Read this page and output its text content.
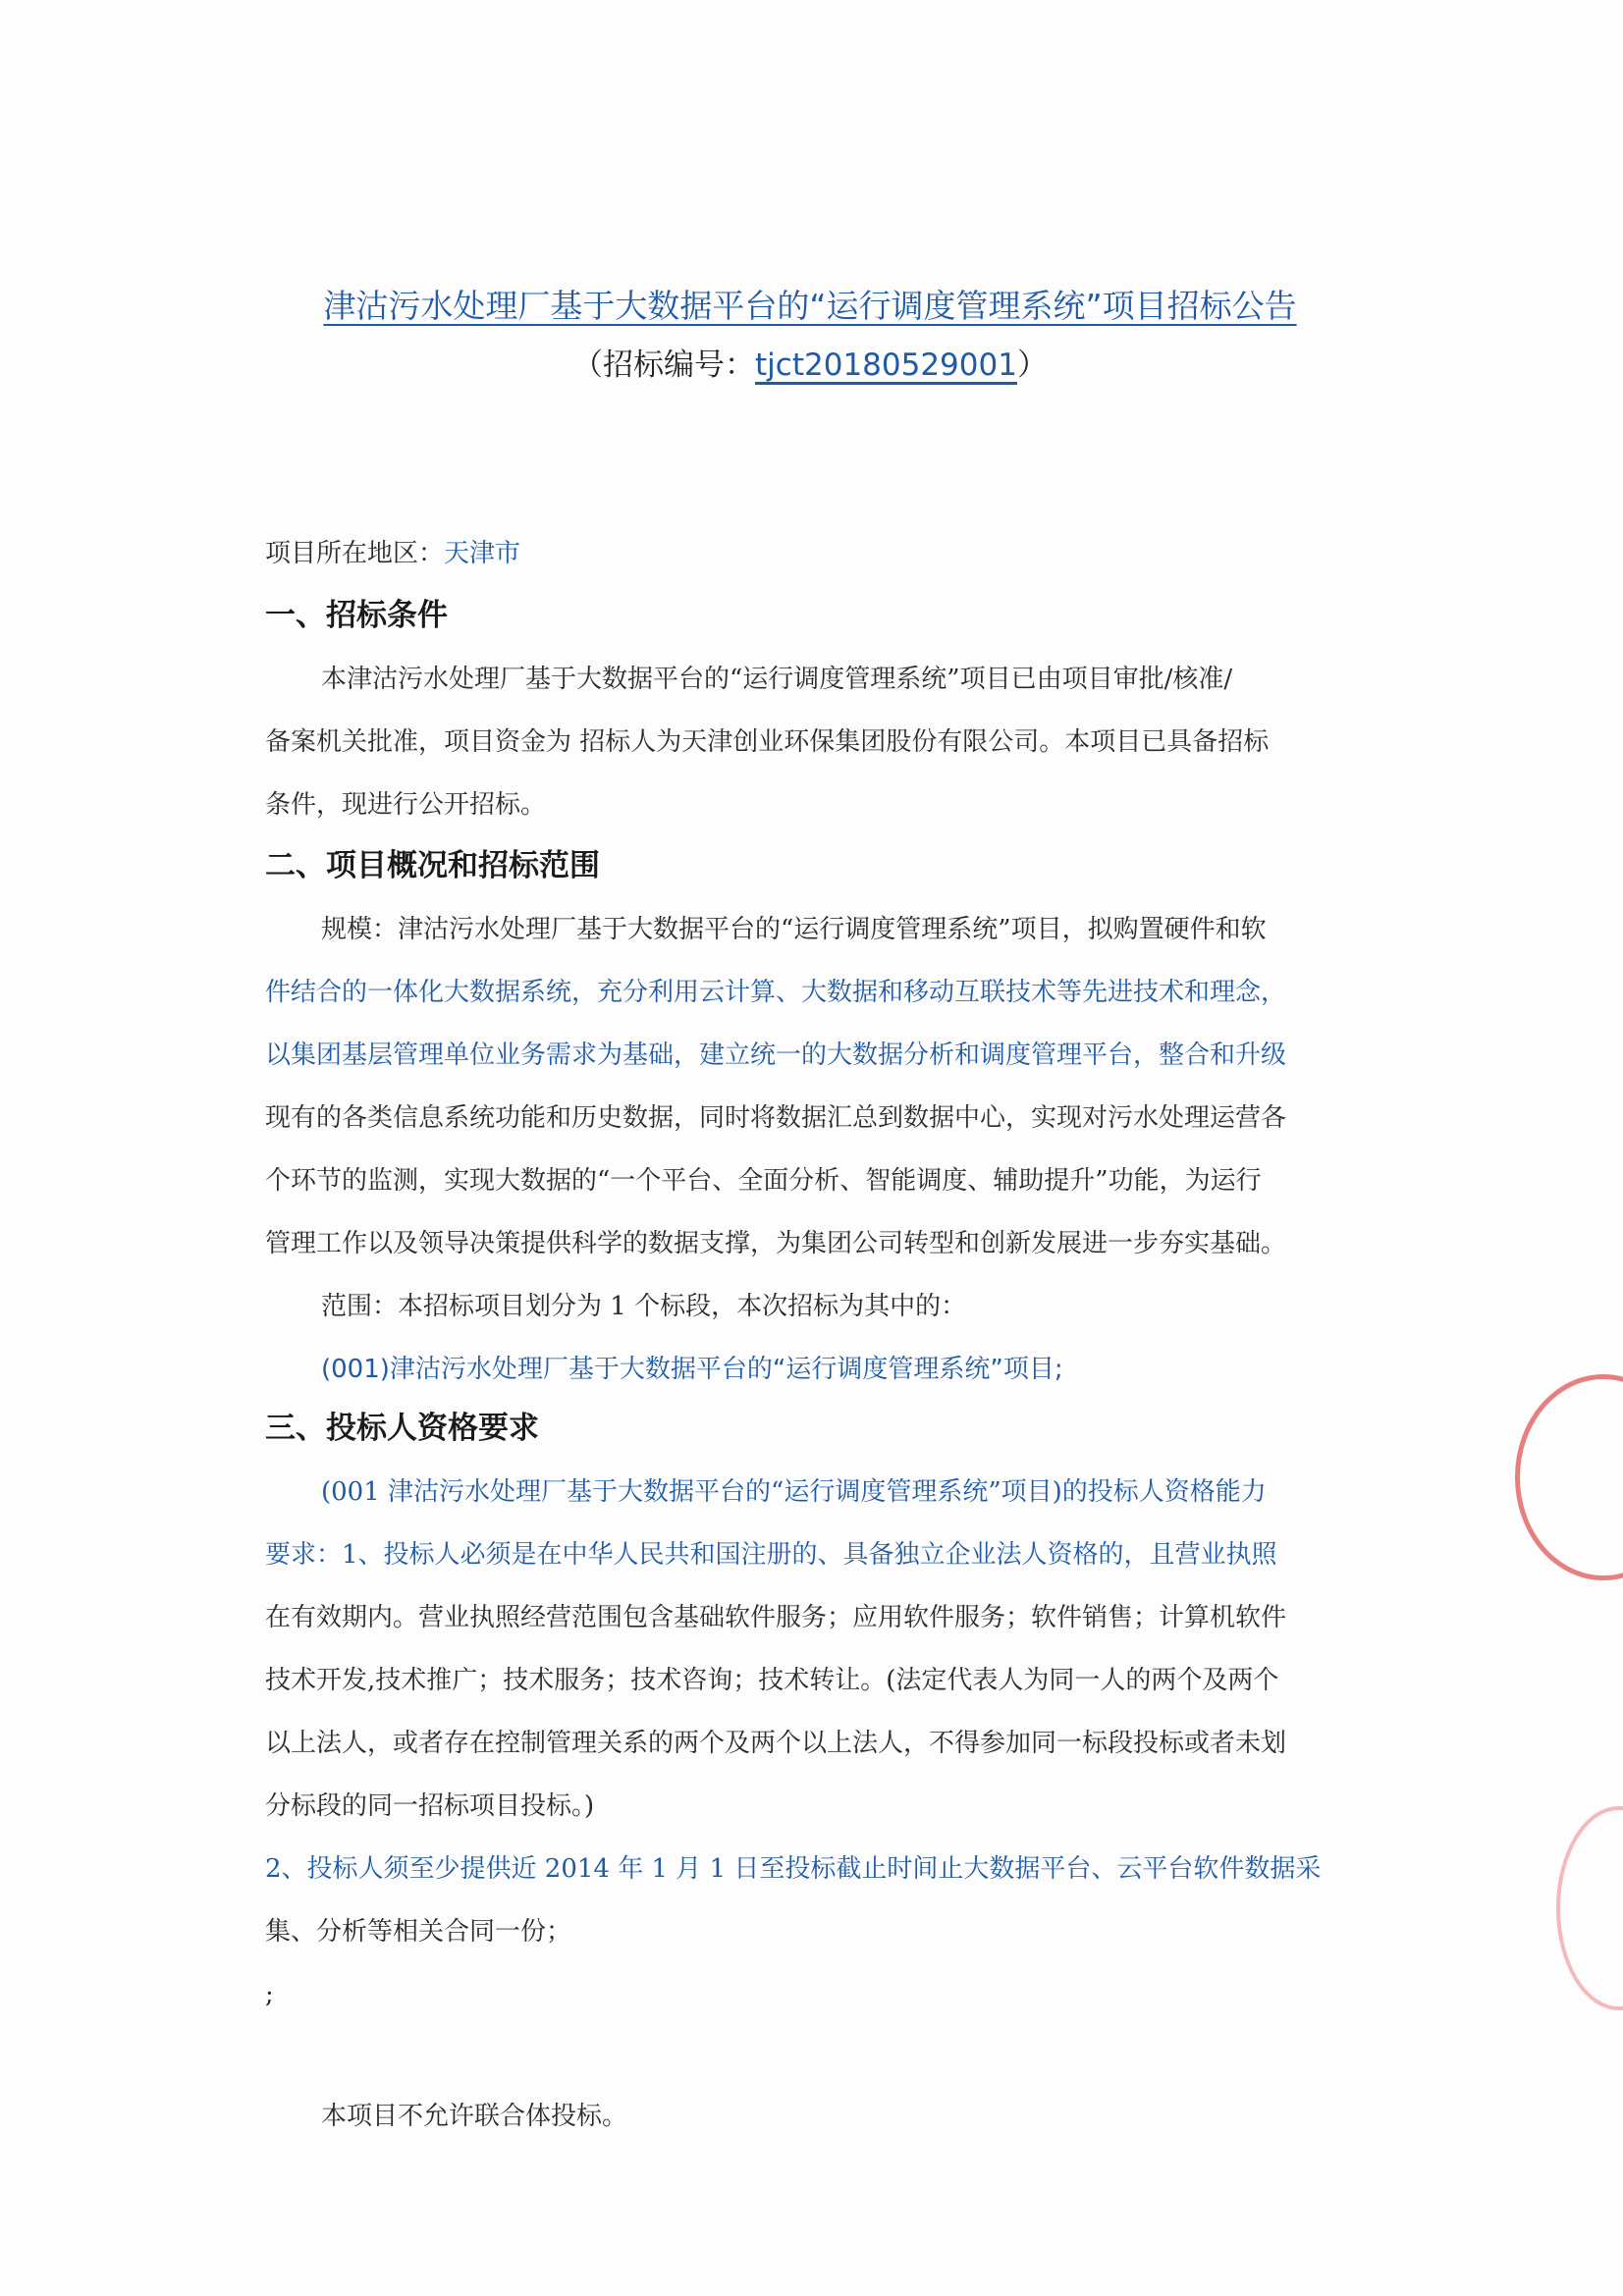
津沽污水处理厂基于大数据平台的“运行调度管理系统”项目招标公告
（招标编号：tjct20180529001）
项目所在地区：天津市
一、招标条件
本津沽污水处理厂基于大数据平台的“运行调度管理系统”项目已由项目审批/核准/
备案机关批准，项目资金为 招标人为天津创业环保集团股份有限公司。本项目已具备招标
条件，现进行公开招标。
二、项目概况和招标范围
规模：津沽污水处理厂基于大数据平台的“运行调度管理系统”项目，拟购置硬件和软
件结合的一体化大数据系统，充分利用云计算、大数据和移动互联技术等先进技术和理念，
以集团基层管理单位业务需求为基础，建立统一的大数据分析和调度管理平台，整合和升级
现有的各类信息系统功能和历史数据，同时将数据汇总到数据中心，实现对污水处理运营各
个环节的监测，实现大数据的“一个平台、全面分析、智能调度、辅助提升”功能，为运行
管理工作以及领导决策提供科学的数据支撑，为集团公司转型和创新发展进一步夯实基础。
范围：本招标项目划分为 1 个标段，本次招标为其中的：
(001)津沽污水处理厂基于大数据平台的“运行调度管理系统”项目;
三、投标人资格要求
(001 津沽污水处理厂基于大数据平台的“运行调度管理系统”项目)的投标人资格能力
要求：1、投标人必须是在中华人民共和国注册的、具备独立企业法人资格的，且营业执照
在有效期内。营业执照经营范围包含基础软件服务；应用软件服务；软件销售；计算机软件
技术开发,技术推广；技术服务；技术咨询；技术转让。(法定代表人为同一人的两个及两个
以上法人，或者存在控制管理关系的两个及两个以上法人，不得参加同一标段投标或者未划
分标段的同一招标项目投标。)
2、投标人须至少提供近 2014 年 1 月 1 日至投标截止时间止大数据平台、云平台软件数据采
集、分析等相关合同一份；
;
本项目不允许联合体投标。
